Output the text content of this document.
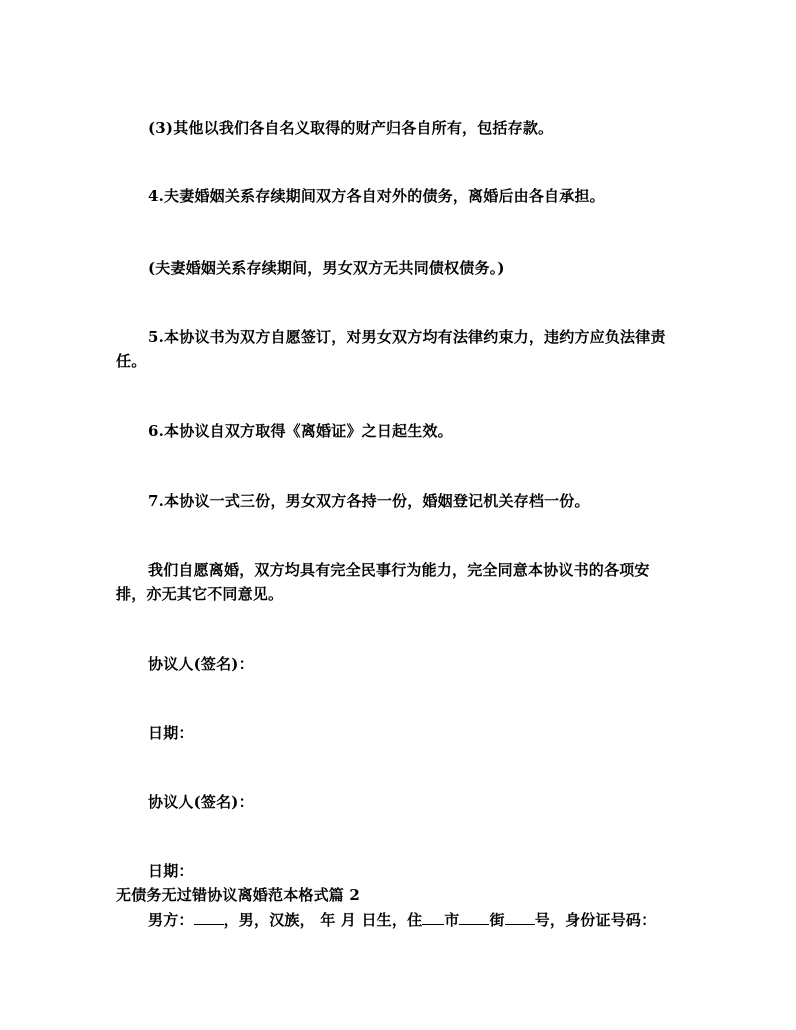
(3)其他以我们各自名义取得的财产归各自所有，包括存款。
4.夫妻婚姻关系存续期间双方各自对外的债务，离婚后由各自承担。
(夫妻婚姻关系存续期间，男女双方无共同债权债务。)
5.本协议书为双方自愿签订，对男女双方均有法律约束力，违约方应负法律责任。
6.本协议自双方取得《离婚证》之日起生效。
7.本协议一式三份，男女双方各持一份，婚姻登记机关存档一份。
我们自愿离婚，双方均具有完全民事行为能力，完全同意本协议书的各项安排，亦无其它不同意见。
协议人(签名)：
日期：
协议人(签名)：
日期：
无债务无过错协议离婚范本格式篇 2
男方： ，男，汉族， 年 月 日生，住 市 街 号，身份证号码：
